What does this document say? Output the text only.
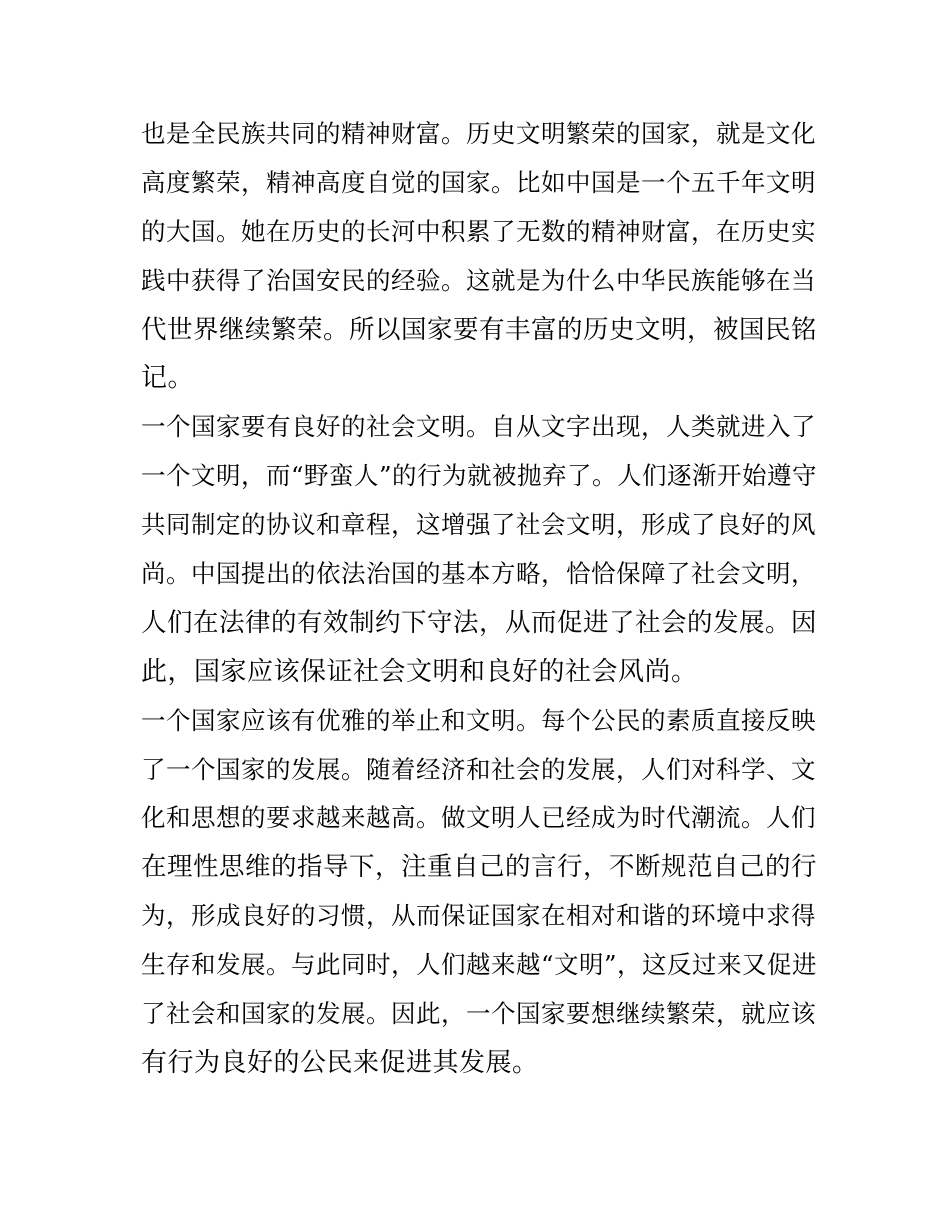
也是全民族共同的精神财富。历史文明繁荣的国家，就是文化
高度繁荣，精神高度自觉的国家。比如中国是一个五千年文明
的大国。她在历史的长河中积累了无数的精神财富，在历史实
践中获得了治国安民的经验。这就是为什么中华民族能够在当
代世界继续繁荣。所以国家要有丰富的历史文明，被国民铭
记。
一个国家要有良好的社会文明。自从文字出现，人类就进入了
一个文明，而“野蛮人”的行为就被抛弃了。人们逐渐开始遵守
共同制定的协议和章程，这增强了社会文明，形成了良好的风
尚。中国提出的依法治国的基本方略，恰恰保障了社会文明，
人们在法律的有效制约下守法，从而促进了社会的发展。因
此，国家应该保证社会文明和良好的社会风尚。
一个国家应该有优雅的举止和文明。每个公民的素质直接反映
了一个国家的发展。随着经济和社会的发展，人们对科学、文
化和思想的要求越来越高。做文明人已经成为时代潮流。人们
在理性思维的指导下，注重自己的言行，不断规范自己的行
为，形成良好的习惯，从而保证国家在相对和谐的环境中求得
生存和发展。与此同时，人们越来越“文明”，这反过来又促进
了社会和国家的发展。因此，一个国家要想继续繁荣，就应该
有行为良好的公民来促进其发展。
